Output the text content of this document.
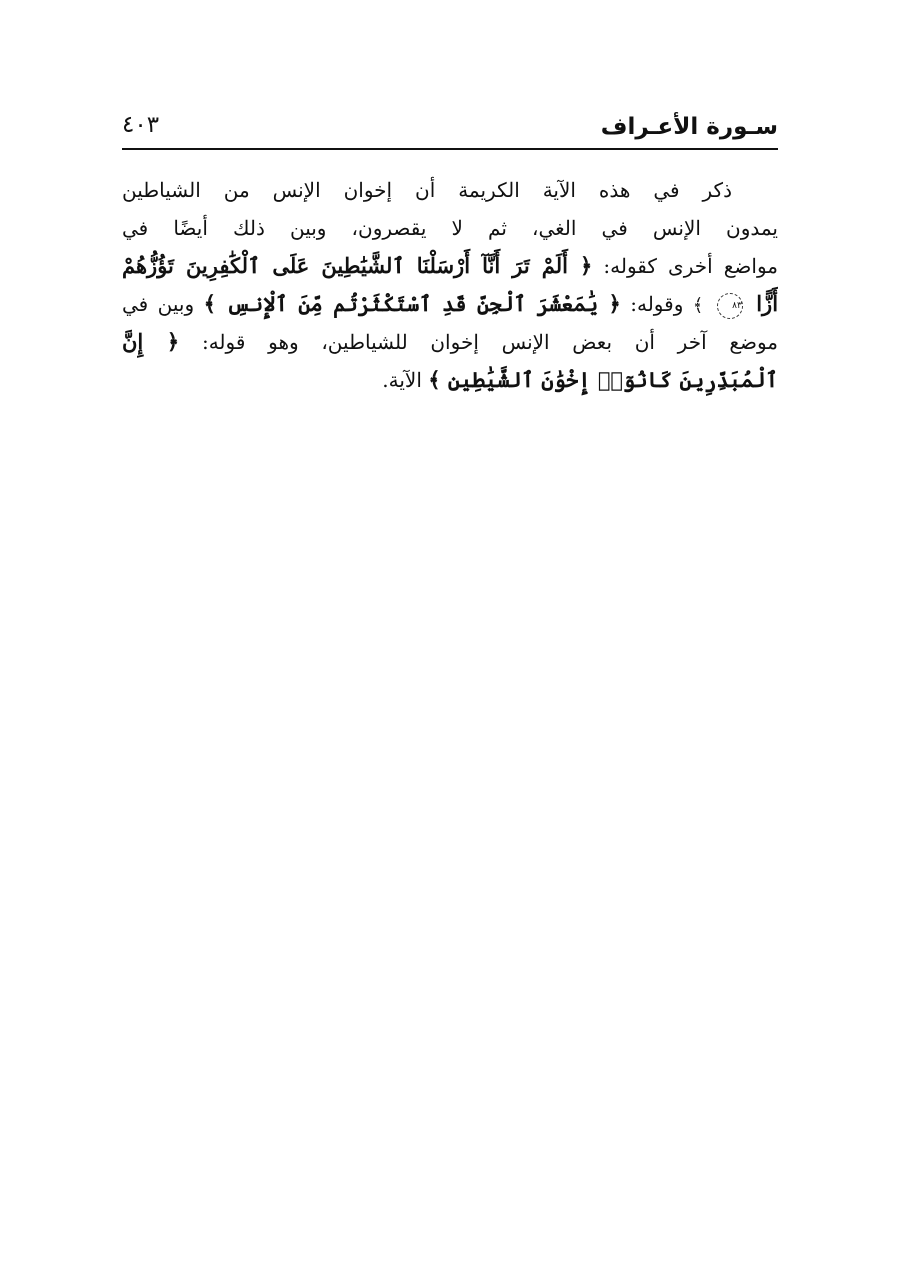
سـورة الأعـراف
٤٠٣
ذكر في هذه الآية الكريمة أن إخوان الإنس من الشياطين
يمدون الإنس في الغي، ثم لا يقصرون، وبين ذلك أيضًا في
مواضع أخرى كقوله: ﴿ أَلَمْ تَرَ أَنَّآ أَرْسَلْنَا ٱلشَّيَٰطِينَ عَلَى ٱلْكَٰفِرِينَ تَؤُزُّهُمْ
أَزًّا ٨٣ ﴾ وقوله: ﴿ يَٰمَعْشَرَ ٱلْجِنِّ قَدِ ٱسْتَكْثَرْتُم مِّنَ ٱلْإِنسِ ﴾ وبين في
موضع آخر أن بعض الإنس إخوان للشياطين، وهو قوله: ﴿ إِنَّ
ٱلْمُبَذِّرِينَ كَانُوٓا۟ إِخْوَٰنَ ٱلشَّيَٰطِينِ ﴾ الآية.
